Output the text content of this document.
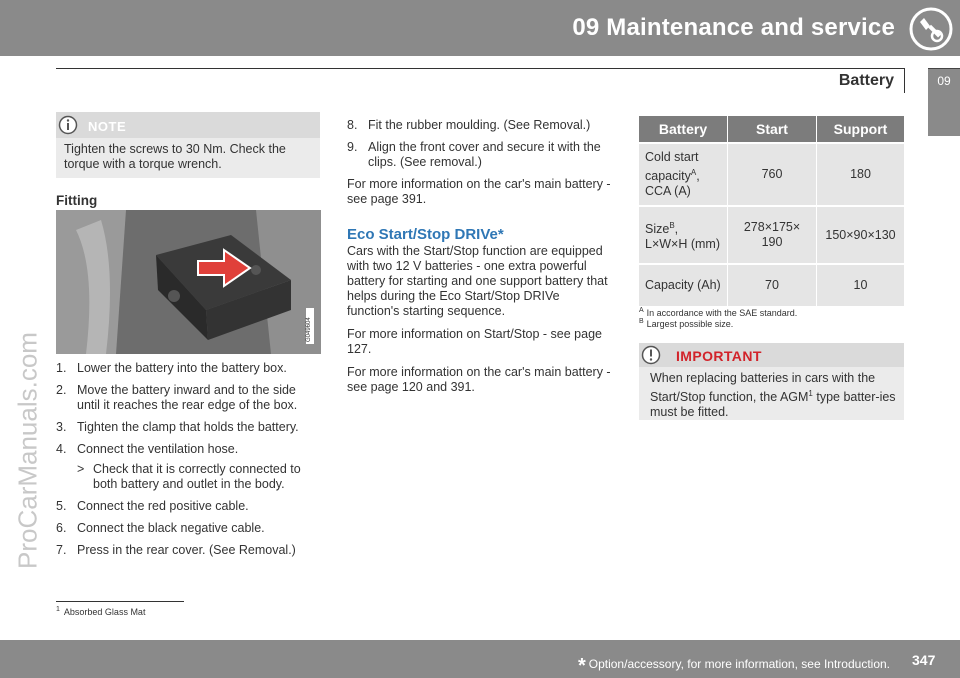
09 Maintenance and service
Battery	09
ProCarManuals.com
NOTE
Tighten the screws to 30 Nm. Check the torque with a torque wrench.
Fitting
G049604
1. Lower the battery into the battery box.
2. Move the battery inward and to the side until it reaches the rear edge of the box.
3. Tighten the clamp that holds the battery.
4. Connect the ventilation hose.
> Check that it is correctly connected to both battery and outlet in the body.
5. Connect the red positive cable.
6. Connect the black negative cable.
7. Press in the rear cover. (See Removal.)
8. Fit the rubber moulding. (See Removal.)
9. Align the front cover and secure it with the clips. (See removal.)

For more information on the car's main battery - see page 391.

Eco Start/Stop DRIVe*

Cars with the Start/Stop function are equipped with two 12 V batteries - one extra powerful battery for starting and one support battery that helps during the Eco Start/Stop DRIVe function's starting sequence.

For more information on Start/Stop - see page 127.

For more information on the car's main battery - see page 120 and 391.

Battery	Start	Support
Cold start capacity$^A$, CCA (A)	760	180
Size$^B$, L×W×H (mm)	278×175× 190	150×90×130
Capacity (Ah)	70	10
$^A$ In accordance with the SAE standard.
$^B$ Largest possible size.
IMPORTANT
When replacing batteries in cars with the Start/Stop function, the AGM$^1$ type batter-ies must be fitted.
$^1$ Absorbed Glass Mat
* Option/accessory, for more information, see Introduction. 347
